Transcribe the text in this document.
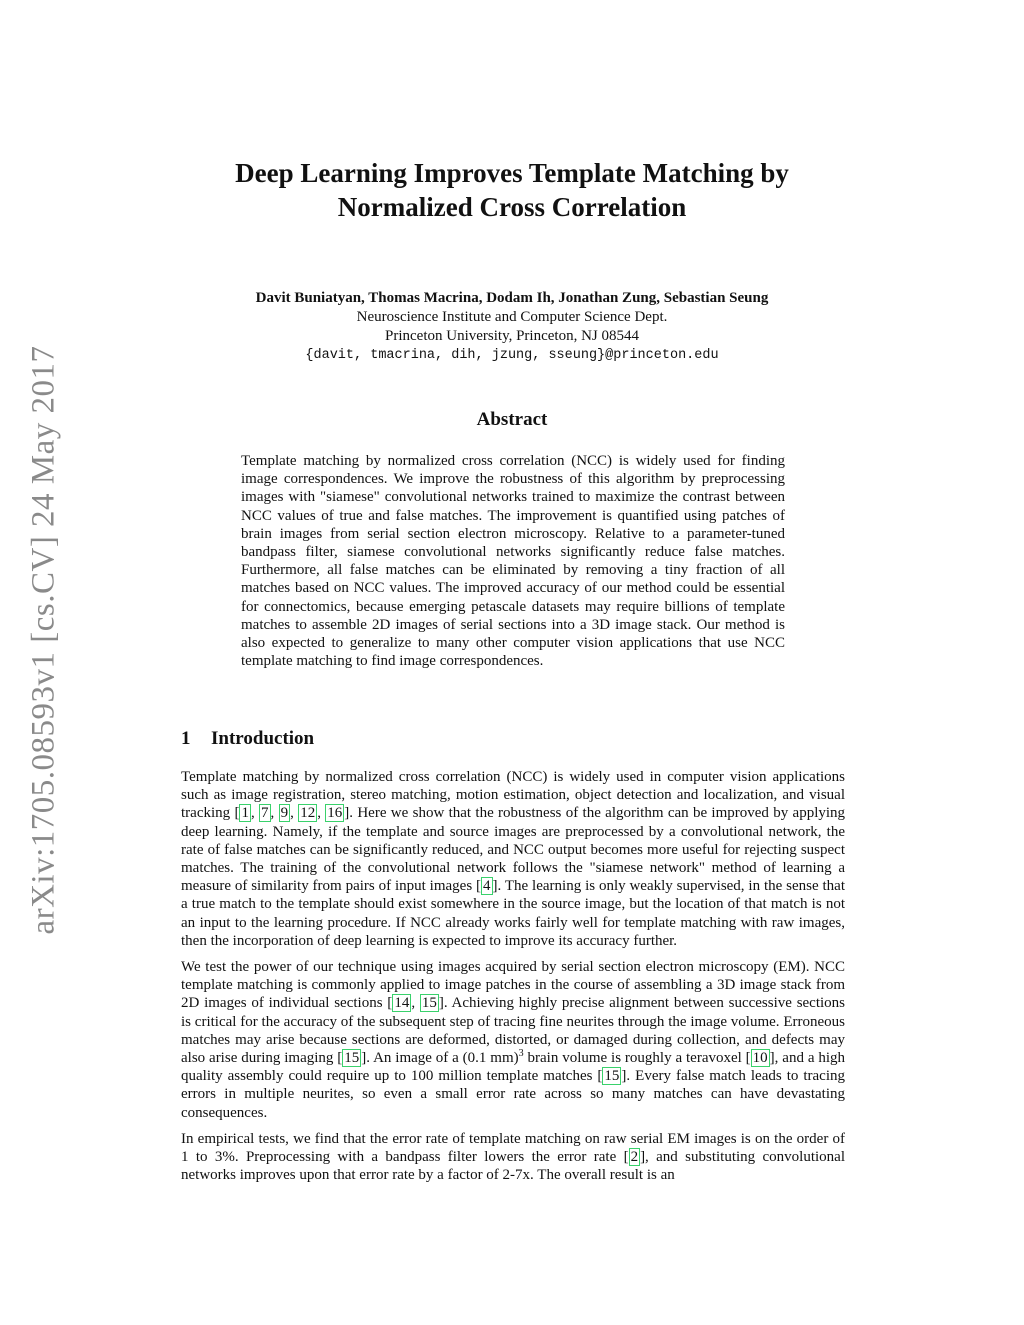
arXiv:1705.08593v1 [cs.CV] 24 May 2017
Deep Learning Improves Template Matching by
Normalized Cross Correlation
Davit Buniatyan, Thomas Macrina, Dodam Ih, Jonathan Zung, Sebastian Seung
Neuroscience Institute and Computer Science Dept.
Princeton University, Princeton, NJ 08544
{davit, tmacrina, dih, jzung, sseung}@princeton.edu
Abstract
Template matching by normalized cross correlation (NCC) is widely used for finding image correspondences. We improve the robustness of this algorithm by preprocessing images with "siamese" convolutional networks trained to maximize the contrast between NCC values of true and false matches. The improvement is quantified using patches of brain images from serial section electron microscopy. Relative to a parameter-tuned bandpass filter, siamese convolutional networks significantly reduce false matches. Furthermore, all false matches can be eliminated by removing a tiny fraction of all matches based on NCC values. The improved accuracy of our method could be essential for connectomics, because emerging petascale datasets may require billions of template matches to assemble 2D images of serial sections into a 3D image stack. Our method is also expected to generalize to many other computer vision applications that use NCC template matching to find image correspondences.
1 Introduction

Template matching by normalized cross correlation (NCC) is widely used in computer vision applications such as image registration, stereo matching, motion estimation, object detection and localization, and visual tracking [ 1 , 7 , 9 , 12 , 16 ]. Here we show that the robustness of the algorithm can be improved by applying deep learning. Namely, if the template and source images are preprocessed by a convolutional network, the rate of false matches can be significantly reduced, and NCC output becomes more useful for rejecting suspect matches. The training of the convolutional network follows the "siamese network" method of learning a measure of similarity from pairs of input images [ 4 ]. The learning is only weakly supervised, in the sense that a true match to the template should exist somewhere in the source image, but the location of that match is not an input to the learning procedure. If NCC already works fairly well for template matching with raw images, then the incorporation of deep learning is expected to improve its accuracy further.

We test the power of our technique using images acquired by serial section electron microscopy (EM). NCC template matching is commonly applied to image patches in the course of assembling a 3D image stack from 2D images of individual sections [ 14 , 15 ]. Achieving highly precise alignment between successive sections is critical for the accuracy of the subsequent step of tracing fine neurites through the image volume. Erroneous matches may arise because sections are deformed, distorted, or damaged during collection, and defects may also arise during imaging [ 15 ]. An image of a (0.1 mm)$^3$ brain volume is roughly a teravoxel [ 10 ], and a high quality assembly could require up to 100 million template matches [ 15 ]. Every false match leads to tracing errors in multiple neurites, so even a small error rate across so many matches can have devastating consequences.

In empirical tests, we find that the error rate of template matching on raw serial EM images is on the order of 1 to 3%. Preprocessing with a bandpass filter lowers the error rate [ 2 ], and substituting convolutional networks improves upon that error rate by a factor of 2-7x. The overall result is an
